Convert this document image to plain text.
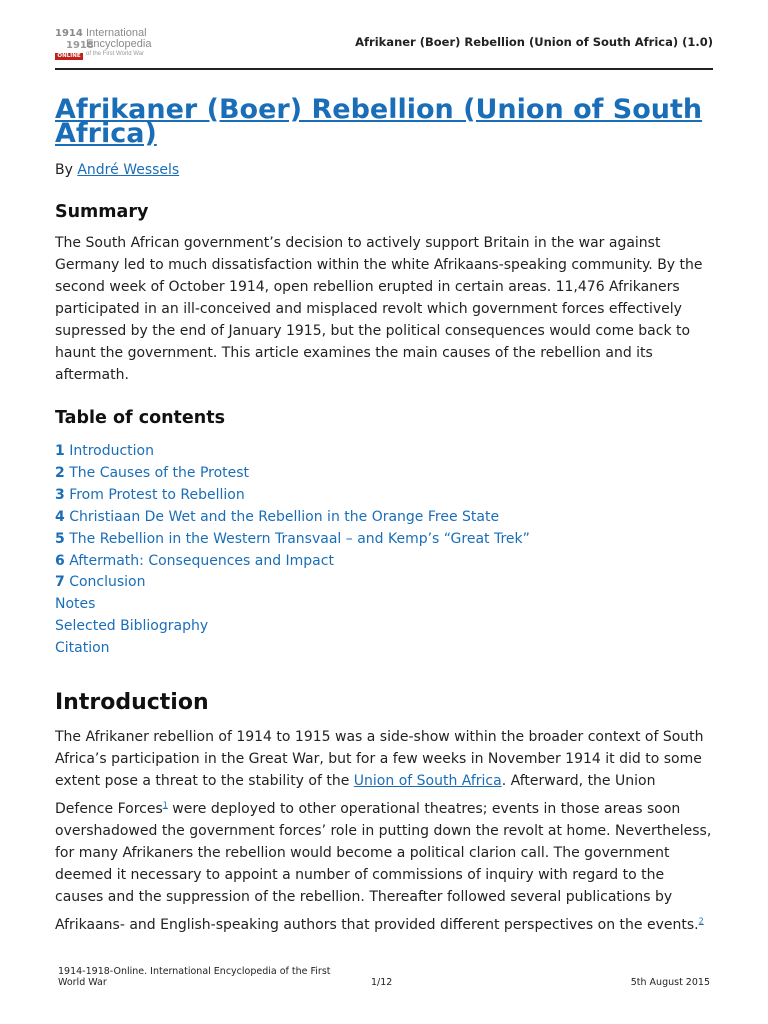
1914
1918
ONLINE
International
Encyclopedia
of the First World War
Afrikaner (Boer) Rebellion (Union of South Africa) (1.0)
Afrikaner (Boer) Rebellion (Union of South Africa)
By André Wessels
Summary

The South African government’s decision to actively support Britain in the war against
Germany led to much dissatisfaction within the white Afrikaans-speaking community. By the
second week of October 1914, open rebellion erupted in certain areas. 11,476 Afrikaners
participated in an ill-conceived and misplaced revolt which government forces effectively
supressed by the end of January 1915, but the political consequences would come back to
haunt the government. This article examines the main causes of the rebellion and its
aftermath.

Table of contents
1 Introduction
2 The Causes of the Protest
3 From Protest to Rebellion
4 Christiaan De Wet and the Rebellion in the Orange Free State
5 The Rebellion in the Western Transvaal – and Kemp’s “Great Trek”
6 Aftermath: Consequences and Impact
7 Conclusion
Notes
Selected Bibliography
Citation
Introduction

The Afrikaner rebellion of 1914 to 1915 was a side-show within the broader context of South
Africa’s participation in the Great War, but for a few weeks in November 1914 it did to some
extent pose a threat to the stability of the Union of South Africa. Afterward, the Union
Defence Forces$^1$ were deployed to other operational theatres; events in those areas soon
overshadowed the government forces’ role in putting down the revolt at home. Nevertheless,
for many Afrikaners the rebellion would become a political clarion call. The government
deemed it necessary to appoint a number of commissions of inquiry with regard to the
causes and the suppression of the rebellion. Thereafter followed several publications by
Afrikaans- and English-speaking authors that provided different perspectives on the events.$^2$

1914-1918-Online. International Encyclopedia of the First
World War	1/12	5th August 2015
